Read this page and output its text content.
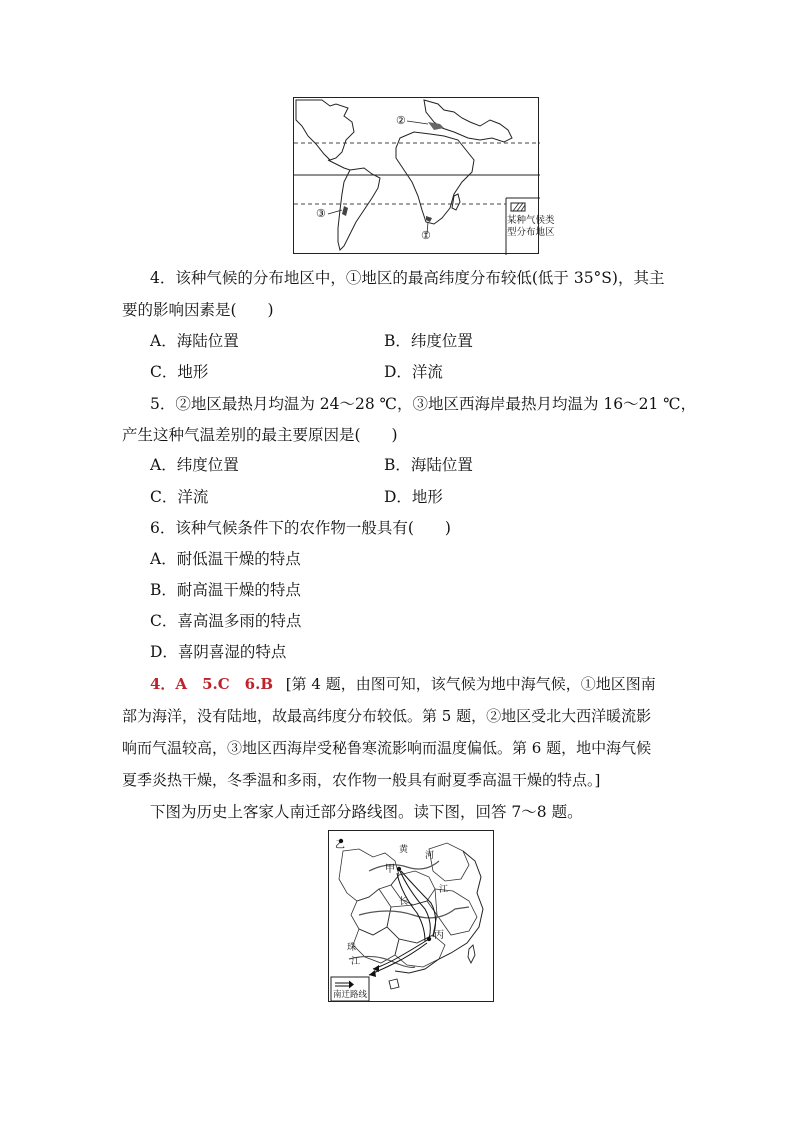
②
③
①
某种气候类
型分布地区
4．该种气候的分布地区中，①地区的最高纬度分布较低(低于 35°S)，其主
要的影响因素是(　　)
A．海陆位置	B．纬度位置
C．地形	D．洋流
5．②地区最热月均温为 24～28 ℃，③地区西海岸最热月均温为 16～21 ℃，
产生这种气温差别的最主要原因是(　　)
A．纬度位置	B．海陆位置
C．洋流	D．地形
6．该种气候条件下的农作物一般具有(　　)
A．耐低温干燥的特点
B．耐高温干燥的特点
C．喜高温多雨的特点
D．喜阴喜湿的特点
4．A　5.C　6.B [第 4 题，由图可知，该气候为地中海气候，①地区图南
部为海洋，没有陆地，故最高纬度分布较低。第 5 题，②地区受北大西洋暖流影
响而气温较高，③地区西海岸受秘鲁寒流影响而温度偏低。第 6 题，地中海气候
夏季炎热干燥，冬季温和多雨，农作物一般具有耐夏季高温干燥的特点。]
下图为历史上客家人南迁部分路线图。读下图，回答 7～8 题。
乙	黄
河
甲
长
江
丙
珠
江
南迁路线
